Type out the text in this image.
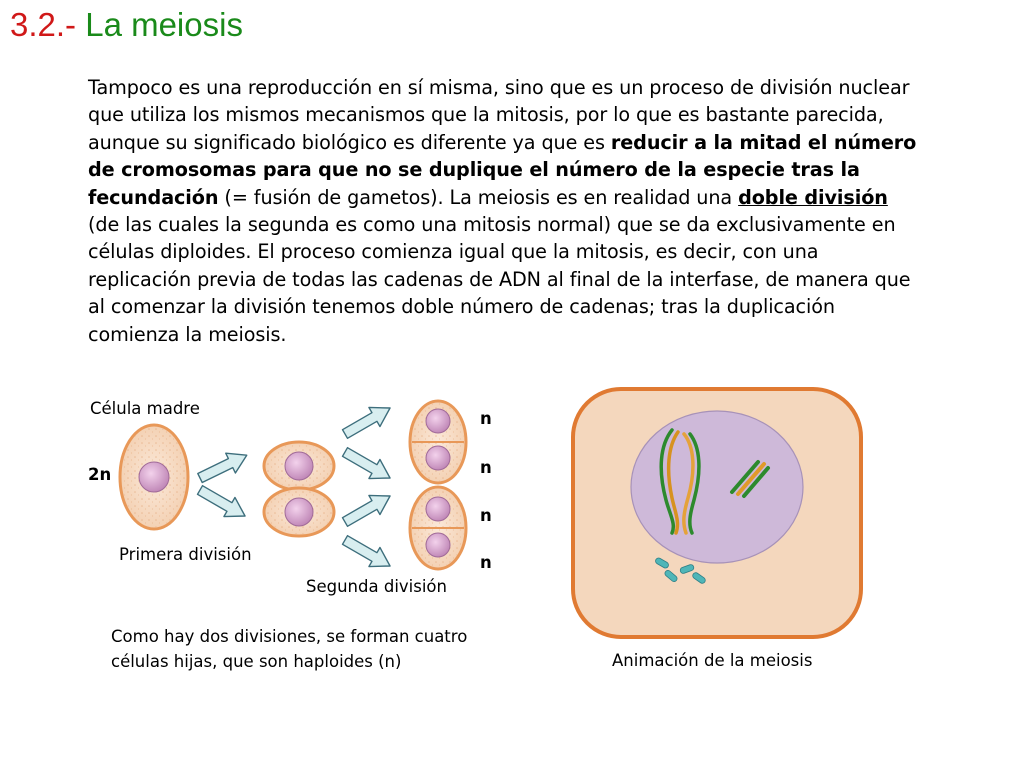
3.2.- La meiosis
Tampoco es una reproducción en sí misma, sino que es un proceso de división nuclear que utiliza los mismos mecanismos que la mitosis, por lo que es bastante parecida, aunque su significado biológico es diferente ya que es reducir a la mitad el número de cromosomas para que no se duplique el número de la especie tras la fecundación (= fusión de gametos). La meiosis es en realidad una doble división (de las cuales la segunda es como una mitosis normal) que se da exclusivamente en células diploides. El proceso comienza igual que la mitosis, es decir, con una replicación previa de todas las cadenas de ADN al final de la interfase, de manera que al comenzar la división tenemos doble número de cadenas; tras la duplicación comienza la meiosis.
Célula madre
2n
Primera división
Segunda división
n
n
n
n
Como hay dos divisiones, se forman cuatro
células hijas, que son haploides (n)	Animación de la meiosis
